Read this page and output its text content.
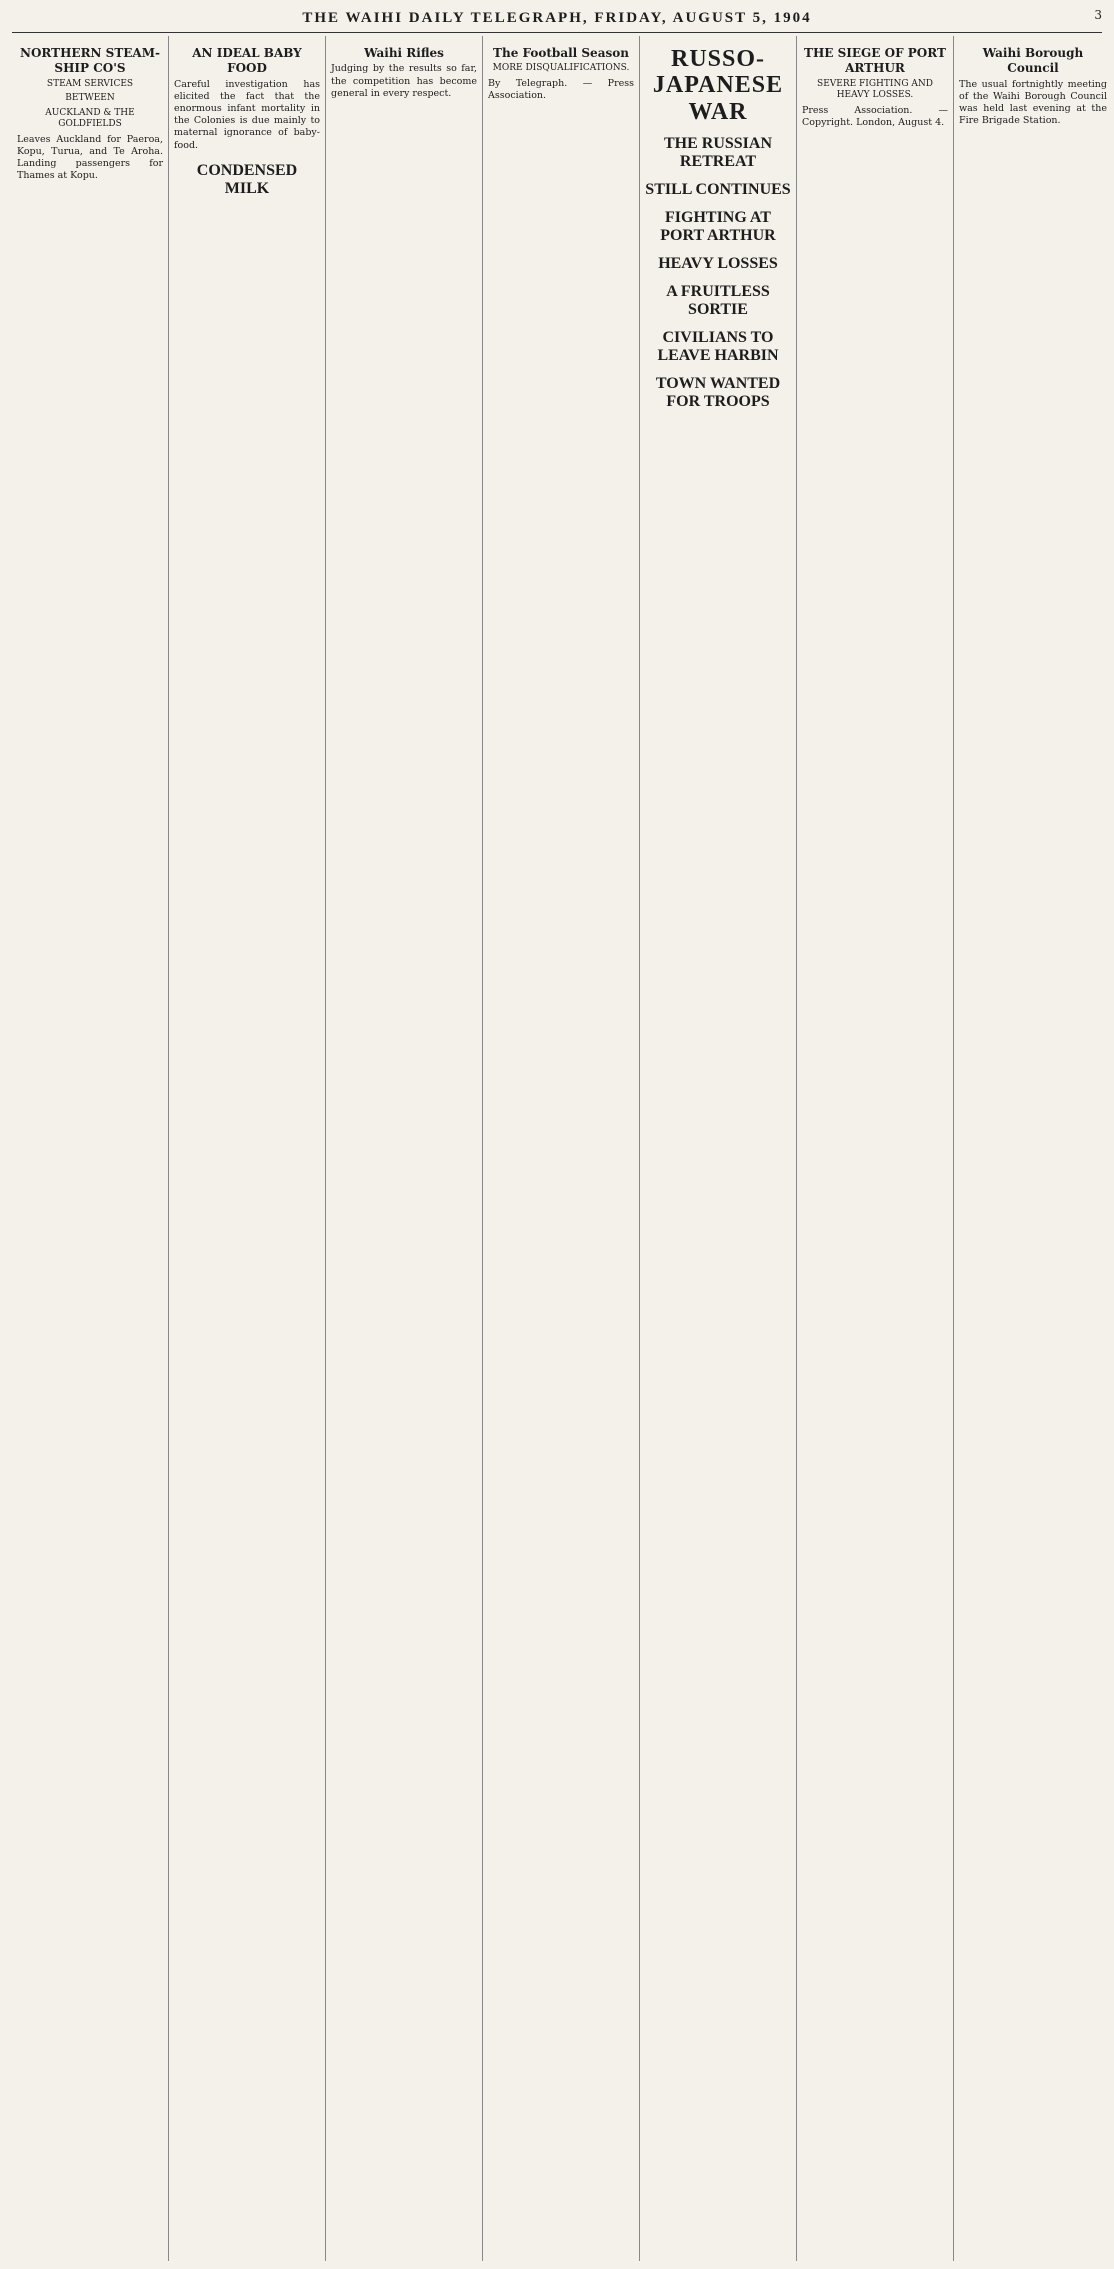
THE WAIHI DAILY TELEGRAPH, FRIDAY, AUGUST 5, 1904	3
NORTHERN STEAM-SHIP CO'S
STEAM SERVICES
BETWEEN
AUCKLAND & THE GOLDFIELDS

Leaves Auckland for Paeroa, Kopu, Turua, and Te Aroha. Landing passengers for Thames at Kopu.

AN IDEAL BABY FOOD

Careful investigation has elicited the fact that the enormous infant mortality in the Colonies is due mainly to maternal ignorance of baby-food.

CONDENSED MILK
Waihi Rifles

Judging by the results so far, the competition has become general in every respect.

The Football Season
MORE DISQUALIFICATIONS.

By Telegraph. — Press Association.

RUSSO-JAPANESE WAR
THE RUSSIAN RETREAT
STILL CONTINUES
FIGHTING AT PORT ARTHUR
HEAVY LOSSES
A FRUITLESS SORTIE
CIVILIANS TO LEAVE HARBIN
TOWN WANTED FOR TROOPS
THE SIEGE OF PORT ARTHUR
SEVERE FIGHTING AND HEAVY LOSSES.

Press Association. — Copyright. London, August 4.

Waihi Borough Council

The usual fortnightly meeting of the Waihi Borough Council was held last evening at the Fire Brigade Station.
